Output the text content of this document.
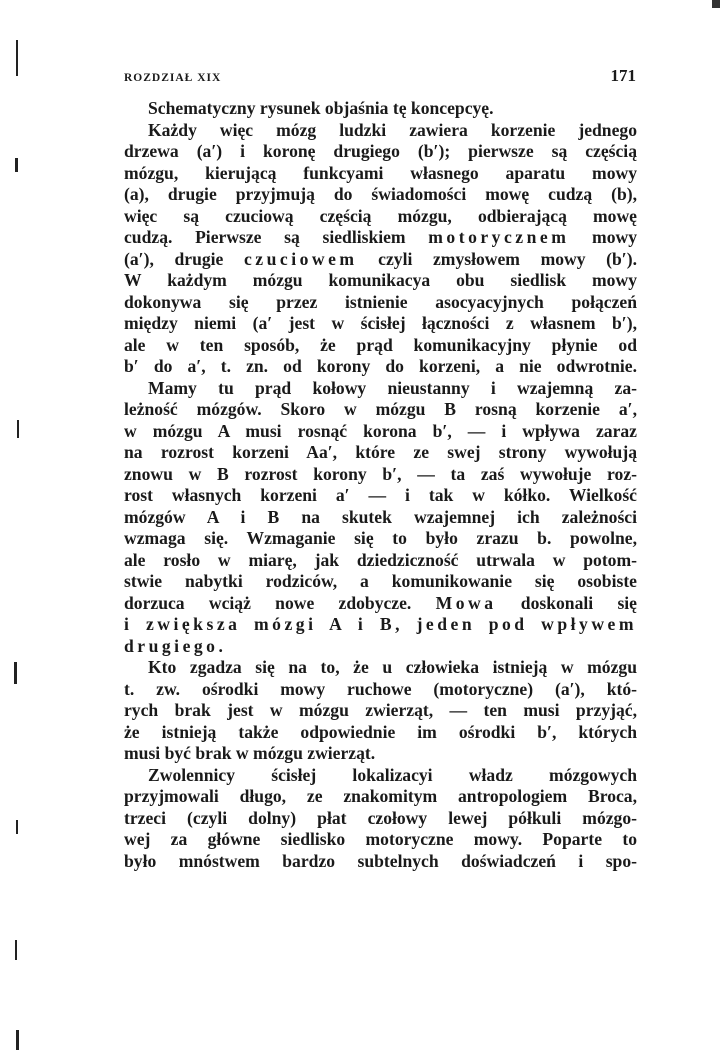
ROZDZIAŁ XIX	171

Schematyczny rysunek objaśnia tę koncepcyę.

Każdy więc mózg ludzki zawiera korzenie jednego

drzewa (a′) i koronę drugiego (b′); pierwsze są częścią

mózgu, kierującą funkcyami własnego aparatu mowy

(a), drugie przyjmują do świadomości mowę cudzą (b),

więc są czuciową częścią mózgu, odbierającą mowę

cudzą. Pierwsze są siedliskiem motorycznem mowy

(a′), drugie czuciowem czyli zmysłowem mowy (b′).

W każdym mózgu komunikacya obu siedlisk mowy

dokonywa się przez istnienie asocyacyjnych połączeń

między niemi (a′ jest w ścisłej łączności z własnem b′),

ale w ten sposób, że prąd komunikacyjny płynie od

b′ do a′, t. zn. od korony do korzeni, a nie odwrotnie.

Mamy tu prąd kołowy nieustanny i wzajemną za-

leżność mózgów. Skoro w mózgu B rosną korzenie a′,

w mózgu A musi rosnąć korona b′, — i wpływa zaraz

na rozrost korzeni Aa′, które ze swej strony wywołują

znowu w B rozrost korony b′, — ta zaś wywołuje roz-

rost własnych korzeni a′ — i tak w kółko. Wielkość

mózgów A i B na skutek wzajemnej ich zależności

wzmaga się. Wzmaganie się to było zrazu b. powolne,

ale rosło w miarę, jak dziedziczność utrwala w potom-

stwie nabytki rodziców, a komunikowanie się osobiste

dorzuca wciąż nowe zdobycze. Mowa doskonali się

i zwiększa mózgi A i B, jeden pod wpływem

drugiego.

Kto zgadza się na to, że u człowieka istnieją w mózgu

t. zw. ośrodki mowy ruchowe (motoryczne) (a′), któ-

rych brak jest w mózgu zwierząt, — ten musi przyjąć,

że istnieją także odpowiednie im ośrodki b′, których

musi być brak w mózgu zwierząt.

Zwolennicy ścisłej lokalizacyi władz mózgowych

przyjmowali długo, ze znakomitym antropologiem Broca,

trzeci (czyli dolny) płat czołowy lewej półkuli mózgo-

wej za główne siedlisko motoryczne mowy. Poparte to

było mnóstwem bardzo subtelnych doświadczeń i spo-
